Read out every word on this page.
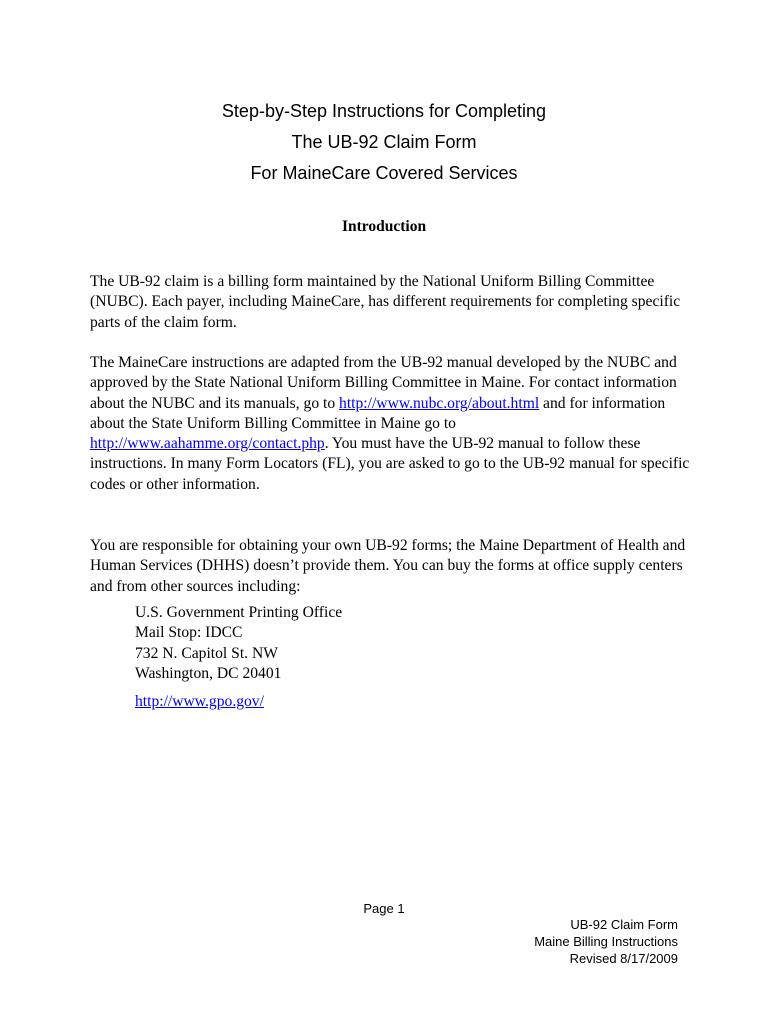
Step-by-Step Instructions for Completing
The UB-92 Claim Form
For MaineCare Covered Services
Introduction

The UB-92 claim is a billing form maintained by the National Uniform Billing Committee (NUBC). Each payer, including MaineCare, has different requirements for completing specific parts of the claim form.

The MaineCare instructions are adapted from the UB-92 manual developed by the NUBC and approved by the State National Uniform Billing Committee in Maine. For contact information about the NUBC and its manuals, go to http://www.nubc.org/about.html and for information about the State Uniform Billing Committee in Maine go to http://www.aahamme.org/contact.php. You must have the UB-92 manual to follow these instructions. In many Form Locators (FL), you are asked to go to the UB-92 manual for specific codes or other information.

You are responsible for obtaining your own UB-92 forms; the Maine Department of Health and Human Services (DHHS) doesn’t provide them. You can buy the forms at office supply centers and from other sources including:

U.S. Government Printing Office
Mail Stop: IDCC
732 N. Capitol St. NW
Washington, DC 20401
http://www.gpo.gov/
Page 1
UB-92 Claim Form
Maine Billing Instructions
Revised 8/17/2009
